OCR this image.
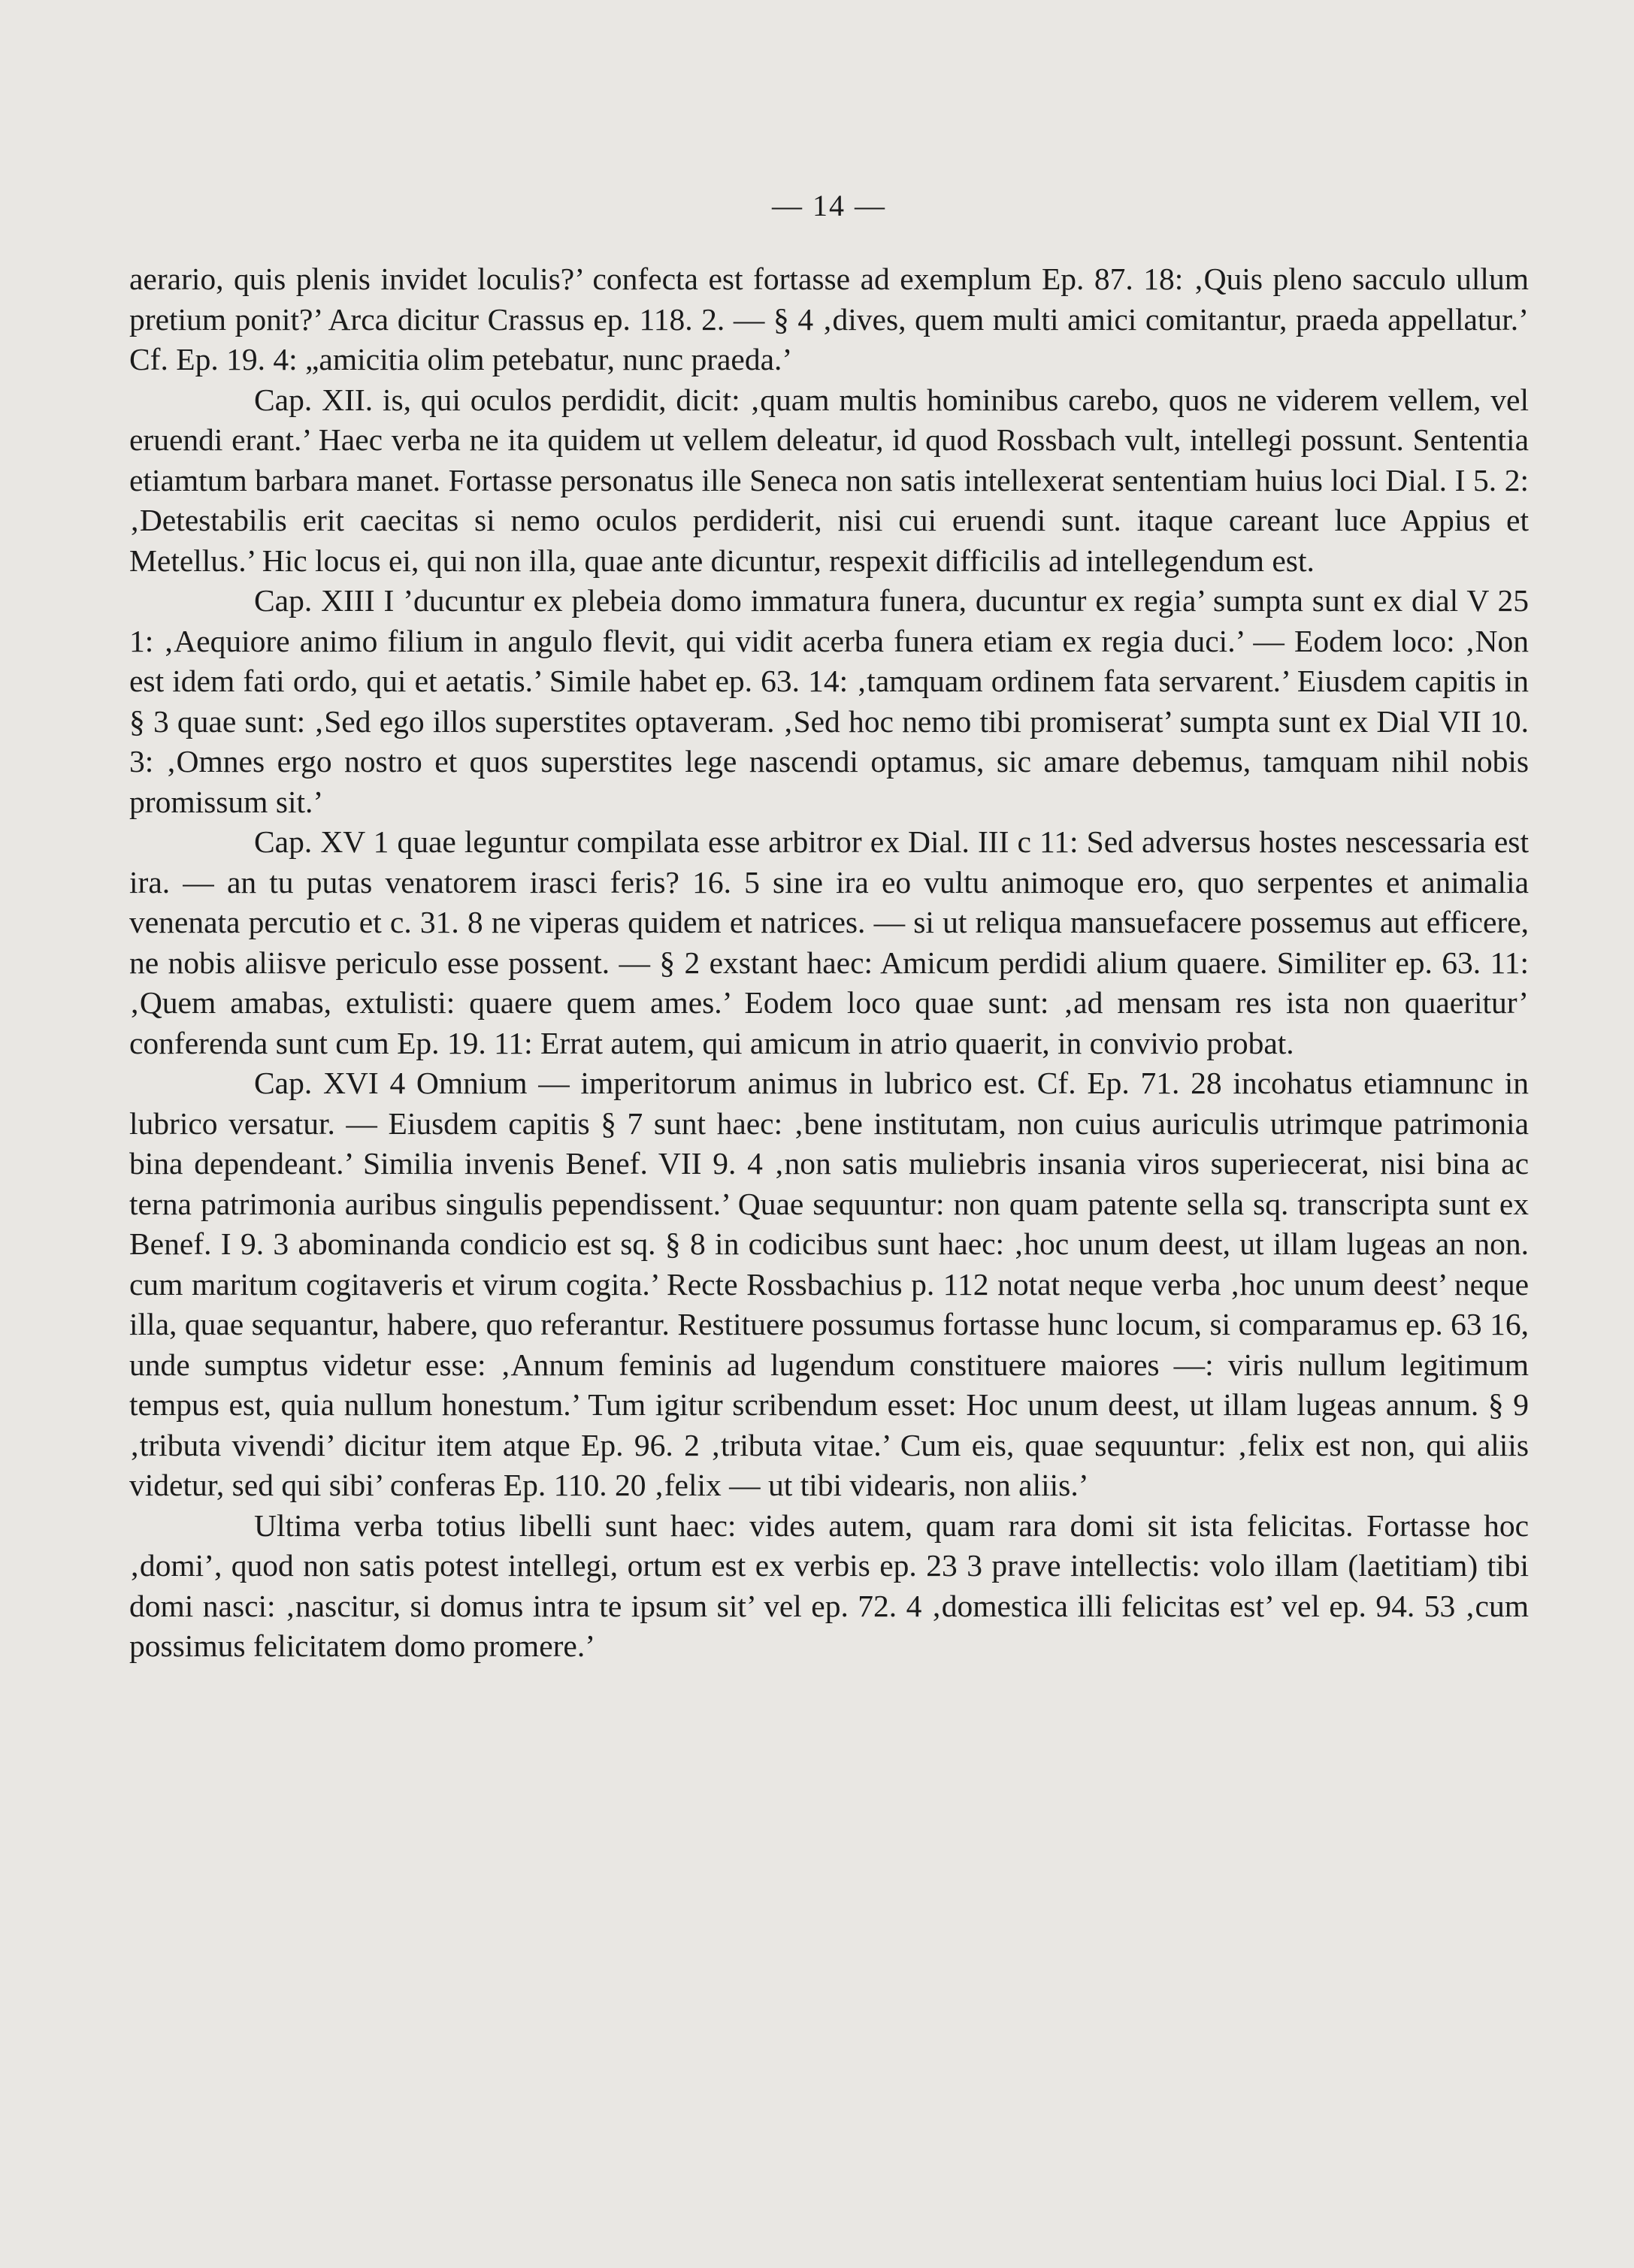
— 14 —

aerario, quis plenis invidet loculis?’ confecta est fortasse ad exemplum Ep. 87. 18: ‚Quis pleno sacculo ullum pretium ponit?’ Arca dicitur Crassus ep. 118. 2. — § 4 ‚dives, quem multi amici comitantur, praeda appellatur.’ Cf. Ep. 19. 4: „amicitia olim petebatur, nunc praeda.’

Cap. XII. is, qui oculos perdidit, dicit: ‚quam multis hominibus carebo, quos ne viderem vellem, vel eruendi erant.’ Haec verba ne ita quidem ut vellem deleatur, id quod Rossbach vult, intellegi possunt. Sententia etiamtum barbara manet. Fortasse personatus ille Seneca non satis intellexerat sententiam huius loci Dial. I 5. 2: ‚Detestabilis erit caecitas si nemo oculos perdiderit, nisi cui eruendi sunt. itaque careant luce Appius et Metellus.’ Hic locus ei, qui non illa, quae ante dicuntur, respexit difficilis ad intellegendum est.

Cap. XIII I ’ducuntur ex plebeia domo immatura funera, ducuntur ex regia’ sumpta sunt ex dial V 25 1: ‚Aequiore animo filium in angulo flevit, qui vidit acerba funera etiam ex regia duci.’ — Eodem loco: ‚Non est idem fati ordo, qui et aetatis.’ Simile habet ep. 63. 14: ‚tamquam ordinem fata servarent.’ Eiusdem capitis in § 3 quae sunt: ‚Sed ego illos superstites optaveram. ‚Sed hoc nemo tibi promiserat’ sumpta sunt ex Dial VII 10. 3: ‚Omnes ergo nostro et quos superstites lege nascendi optamus, sic amare debemus, tamquam nihil nobis promissum sit.’

Cap. XV 1 quae leguntur compilata esse arbitror ex Dial. III c 11: Sed adversus hostes nescessaria est ira. — an tu putas venatorem irasci feris? 16. 5 sine ira eo vultu animoque ero, quo serpentes et animalia venenata percutio et c. 31. 8 ne viperas quidem et natrices. — si ut reliqua mansuefacere possemus aut efficere, ne nobis aliisve periculo esse possent. — § 2 exstant haec: Amicum perdidi alium quaere. Similiter ep. 63. 11: ‚Quem amabas, extulisti: quaere quem ames.’ Eodem loco quae sunt: ‚ad mensam res ista non quaeritur’ conferenda sunt cum Ep. 19. 11: Errat autem, qui amicum in atrio quaerit, in convivio probat.

Cap. XVI 4 Omnium — imperitorum animus in lubrico est. Cf. Ep. 71. 28 incohatus etiamnunc in lubrico versatur. — Eiusdem capitis § 7 sunt haec: ‚bene institutam, non cuius auriculis utrimque patrimonia bina dependeant.’ Similia invenis Benef. VII 9. 4 ‚non satis muliebris insania viros superiecerat, nisi bina ac terna patrimonia auribus singulis pependissent.’ Quae sequuntur: non quam patente sella sq. transcripta sunt ex Benef. I 9. 3 abominanda condicio est sq. § 8 in codicibus sunt haec: ‚hoc unum deest, ut illam lugeas an non. cum maritum cogitaveris et virum cogita.’ Recte Rossbachius p. 112 notat neque verba ‚hoc unum deest’ neque illa, quae sequantur, habere, quo referantur. Restituere possumus fortasse hunc locum, si comparamus ep. 63 16, unde sumptus videtur esse: ‚Annum feminis ad lugendum constituere maiores —: viris nullum legitimum tempus est, quia nullum honestum.’ Tum igitur scribendum esset: Hoc unum deest, ut illam lugeas annum. § 9 ‚tributa vivendi’ dicitur item atque Ep. 96. 2 ‚tributa vitae.’ Cum eis, quae sequuntur: ‚felix est non, qui aliis videtur, sed qui sibi’ conferas Ep. 110. 20 ‚felix — ut tibi videaris, non aliis.’

Ultima verba totius libelli sunt haec: vides autem, quam rara domi sit ista felicitas. Fortasse hoc ‚domi’, quod non satis potest intellegi, ortum est ex verbis ep. 23 3 prave intellectis: volo illam (laetitiam) tibi domi nasci: ‚nascitur, si domus intra te ipsum sit’ vel ep. 72. 4 ‚domestica illi felicitas est’ vel ep. 94. 53 ‚cum possimus felicitatem domo promere.’
